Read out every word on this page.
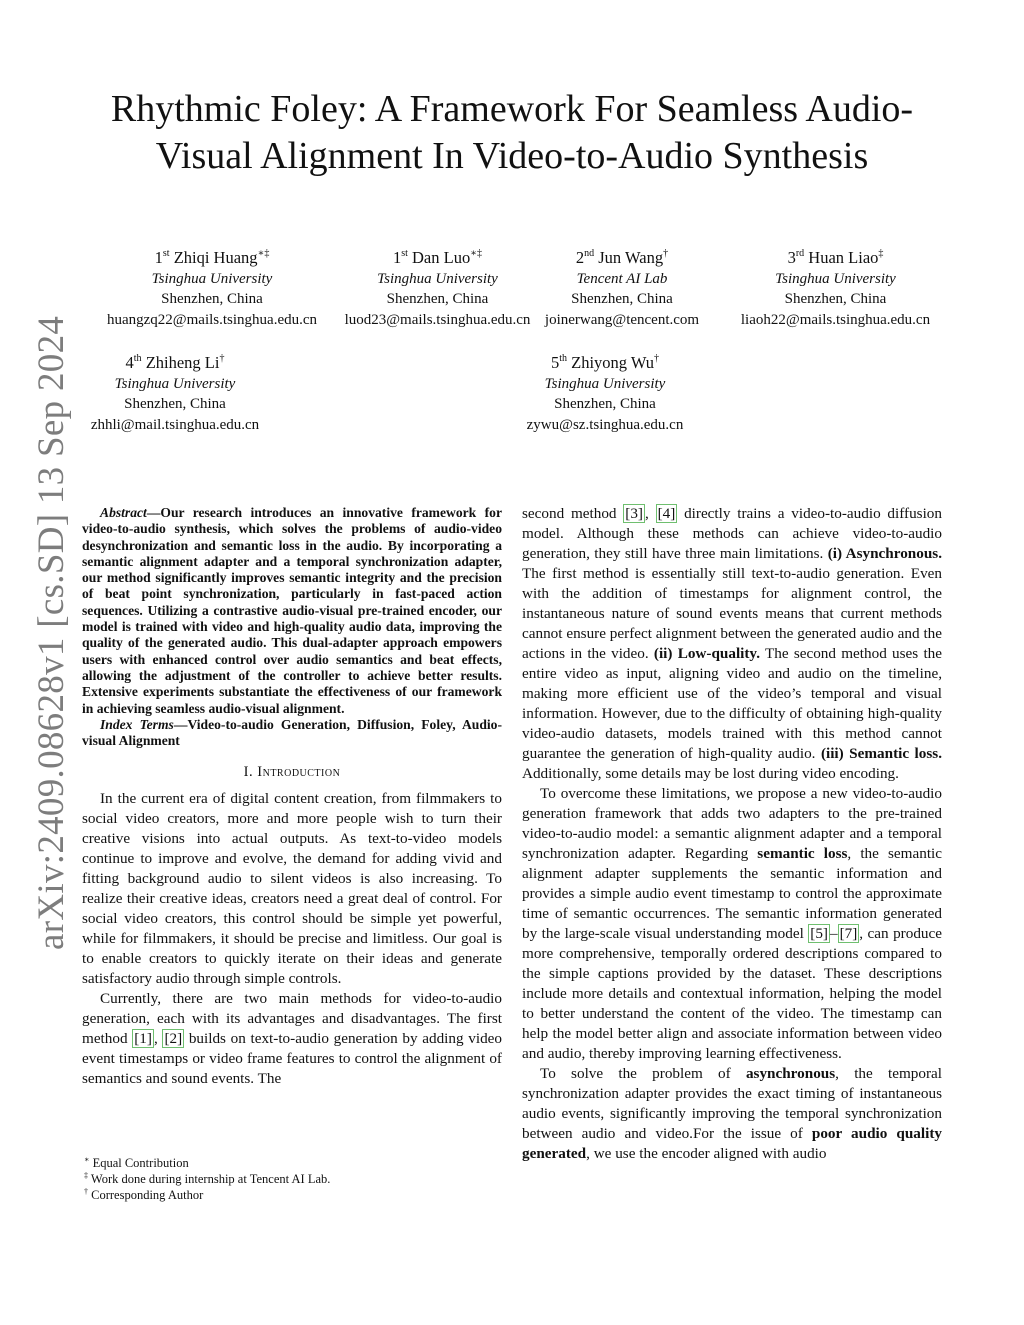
arXiv:2409.08628v1 [cs.SD] 13 Sep 2024
Rhythmic Foley: A Framework For Seamless Audio-Visual Alignment In Video-to-Audio Synthesis
1st Zhiqi Huang∗‡
Tsinghua University
Shenzhen, China
huangzq22@mails.tsinghua.edu.cn
1st Dan Luo∗‡
Tsinghua University
Shenzhen, China
luod23@mails.tsinghua.edu.cn
2nd Jun Wang†
Tencent AI Lab
Shenzhen, China
joinerwang@tencent.com
3rd Huan Liao‡
Tsinghua University
Shenzhen, China
liaoh22@mails.tsinghua.edu.cn
4th Zhiheng Li†
Tsinghua University
Shenzhen, China
zhhli@mail.tsinghua.edu.cn
5th Zhiyong Wu†
Tsinghua University
Shenzhen, China
zywu@sz.tsinghua.edu.cn

Abstract—Our research introduces an innovative framework for video-to-audio synthesis, which solves the problems of audio-video desynchronization and semantic loss in the audio. By incorporating a semantic alignment adapter and a temporal synchronization adapter, our method significantly improves semantic integrity and the precision of beat point synchronization, particularly in fast-paced action sequences. Utilizing a contrastive audio-visual pre-trained encoder, our model is trained with video and high-quality audio data, improving the quality of the generated audio. This dual-adapter approach empowers users with enhanced control over audio semantics and beat effects, allowing the adjustment of the controller to achieve better results. Extensive experiments substantiate the effectiveness of our framework in achieving seamless audio-visual alignment.

Index Terms—Video-to-audio Generation, Diffusion, Foley, Audio-visual Alignment

I. Introduction

In the current era of digital content creation, from filmmakers to social video creators, more and more people wish to turn their creative visions into actual outputs. As text-to-video models continue to improve and evolve, the demand for adding vivid and fitting background audio to silent videos is also increasing. To realize their creative ideas, creators need a great deal of control. For social video creators, this control should be simple yet powerful, while for filmmakers, it should be precise and limitless. Our goal is to enable creators to quickly iterate on their ideas and generate satisfactory audio through simple controls.

Currently, there are two main methods for video-to-audio generation, each with its advantages and disadvantages. The first method [1] , [2] builds on text-to-audio generation by adding video event timestamps or video frame features to control the alignment of semantics and sound events. The

∗ Equal Contribution
‡ Work done during internship at Tencent AI Lab.
† Corresponding Author

second method [3] , [4] directly trains a video-to-audio diffusion model. Although these methods can achieve video-to-audio generation, they still have three main limitations. (i) Asynchronous. The first method is essentially still text-to-audio generation. Even with the addition of timestamps for alignment control, the instantaneous nature of sound events means that current methods cannot ensure perfect alignment between the generated audio and the actions in the video. (ii) Low-quality. The second method uses the entire video as input, aligning video and audio on the timeline, making more efficient use of the video’s temporal and visual information. However, due to the difficulty of obtaining high-quality video-audio datasets, models trained with this method cannot guarantee the generation of high-quality audio. (iii) Semantic loss. Additionally, some details may be lost during video encoding.

To overcome these limitations, we propose a new video-to-audio generation framework that adds two adapters to the pre-trained video-to-audio model: a semantic alignment adapter and a temporal synchronization adapter. Regarding semantic loss, the semantic alignment adapter supplements the semantic information and provides a simple audio event timestamp to control the approximate time of semantic occurrences. The semantic information generated by the large-scale visual understanding model [5] – [7] , can produce more comprehensive, temporally ordered descriptions compared to the simple captions provided by the dataset. These descriptions include more details and contextual information, helping the model to better understand the content of the video. The timestamp can help the model better align and associate information between video and audio, thereby improving learning effectiveness.

To solve the problem of asynchronous, the temporal synchronization adapter provides the exact timing of instantaneous audio events, significantly improving the temporal synchronization between audio and video.For the issue of poor audio quality generated, we use the encoder aligned with audio
